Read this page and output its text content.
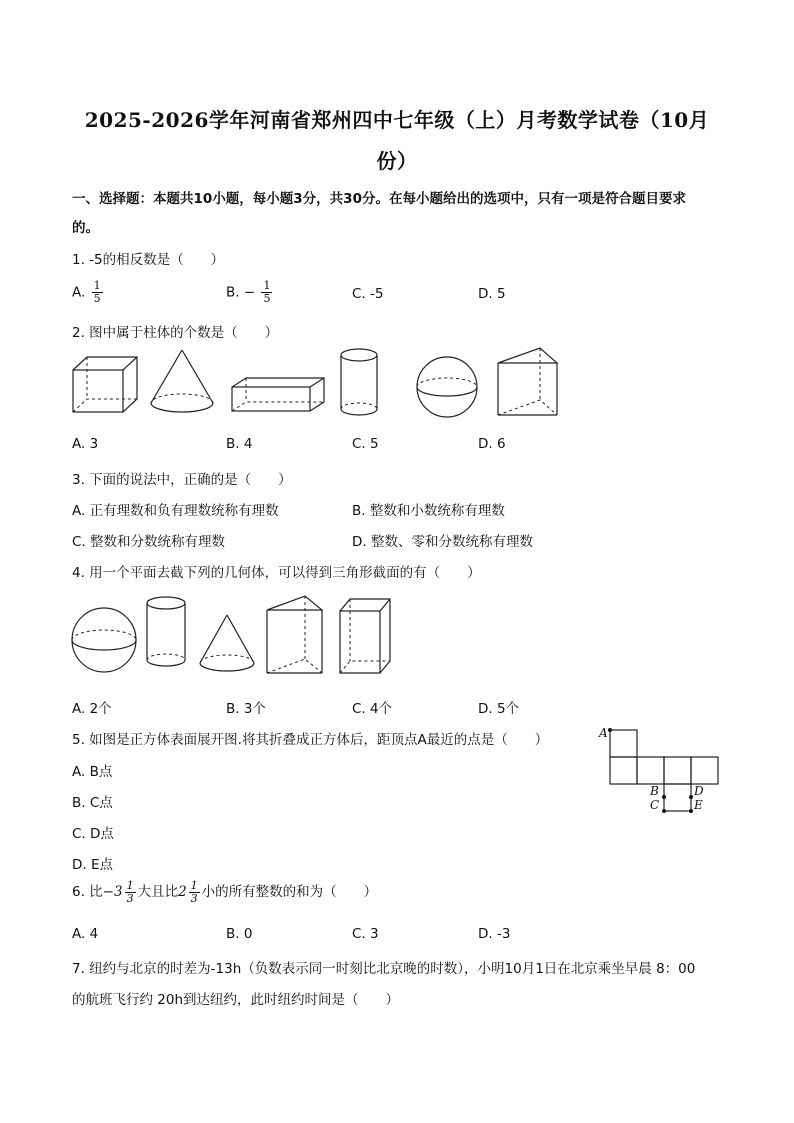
2025-2026学年河南省郑州四中七年级（上）月考数学试卷（10月
份）
一、选择题：本题共10小题，每小题3分，共30分。在每小题给出的选项中，只有一项是符合题目要求
的。
1. -5的相反数是（　　）
A. $\frac{1}{5}$	B. − $\frac{1}{5}$	C. -5	D. 5
2. 图中属于柱体的个数是（　　）
A. 3	B. 4	C. 5	D. 6
3. 下面的说法中，正确的是（　　）
A. 正有理数和负有理数统称有理数	B. 整数和小数统称有理数
C. 整数和分数统称有理数	D. 整数、零和分数统称有理数
4. 用一个平面去截下列的几何体，可以得到三角形截面的有（　　）
A. 2个	B. 3个	C. 4个	D. 5个
5. 如图是正方体表面展开图.将其折叠成正方体后，距顶点A最近的点是（　　）	A
B
C
D
E
A. B点
B. C点
C. D点
D. E点
6. 比$-3 \frac{1}{3}$ 大且比$2 \frac{1}{3}$ 小的所有整数的和为（　　）
A. 4	B. 0	C. 3	D. -3
7. 纽约与北京的时差为-13h（负数表示同一时刻比北京晚的时数），小明10月1日在北京乘坐早晨 8：00
的航班飞行约 20h到达纽约，此时纽约时间是（　　）
